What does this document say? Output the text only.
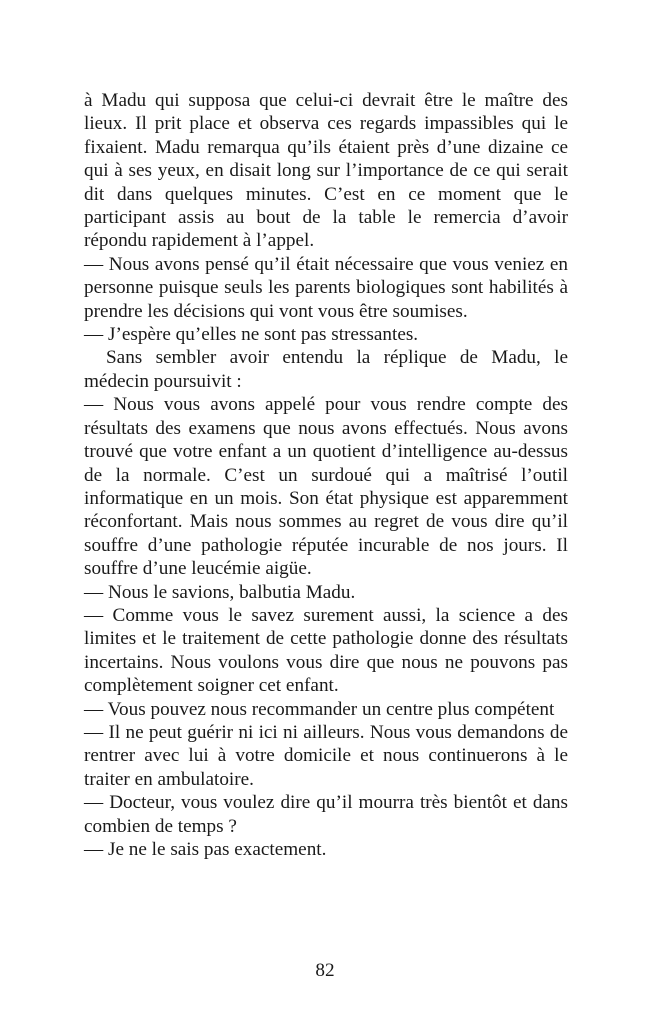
à Madu qui supposa que celui-ci devrait être le maître des lieux. Il prit place et observa ces regards impassibles qui le fixaient. Madu remarqua qu’ils étaient près d’une dizaine ce qui à ses yeux, en disait long sur l’importance de ce qui serait dit dans quelques minutes. C’est en ce moment que le participant assis au bout de la table le remercia d’avoir répondu rapidement à l’appel.

— Nous avons pensé qu’il était nécessaire que vous veniez en personne puisque seuls les parents biologiques sont habilités à prendre les décisions qui vont vous être soumises.

— J’espère qu’elles ne sont pas stressantes.

Sans sembler avoir entendu la réplique de Madu, le médecin poursuivit :

— Nous vous avons appelé pour vous rendre compte des résultats des examens que nous avons effectués. Nous avons trouvé que votre enfant a un quotient d’intelligence au-dessus de la normale. C’est un surdoué qui a maîtrisé l’outil informatique en un mois. Son état physique est apparemment réconfortant. Mais nous sommes au regret de vous dire qu’il souffre d’une pathologie réputée incurable de nos jours. Il souffre d’une leucémie aigüe.

— Nous le savions, balbutia Madu.

— Comme vous le savez surement aussi, la science a des limites et le traitement de cette pathologie donne des résultats incertains. Nous voulons vous dire que nous ne pouvons pas complètement soigner cet enfant.

— Vous pouvez nous recommander un centre plus compétent

— Il ne peut guérir ni ici ni ailleurs. Nous vous demandons de rentrer avec lui à votre domicile et nous continuerons à le traiter en ambulatoire.

— Docteur, vous voulez dire qu’il mourra très bientôt et dans combien de temps ?

— Je ne le sais pas exactement.

82
